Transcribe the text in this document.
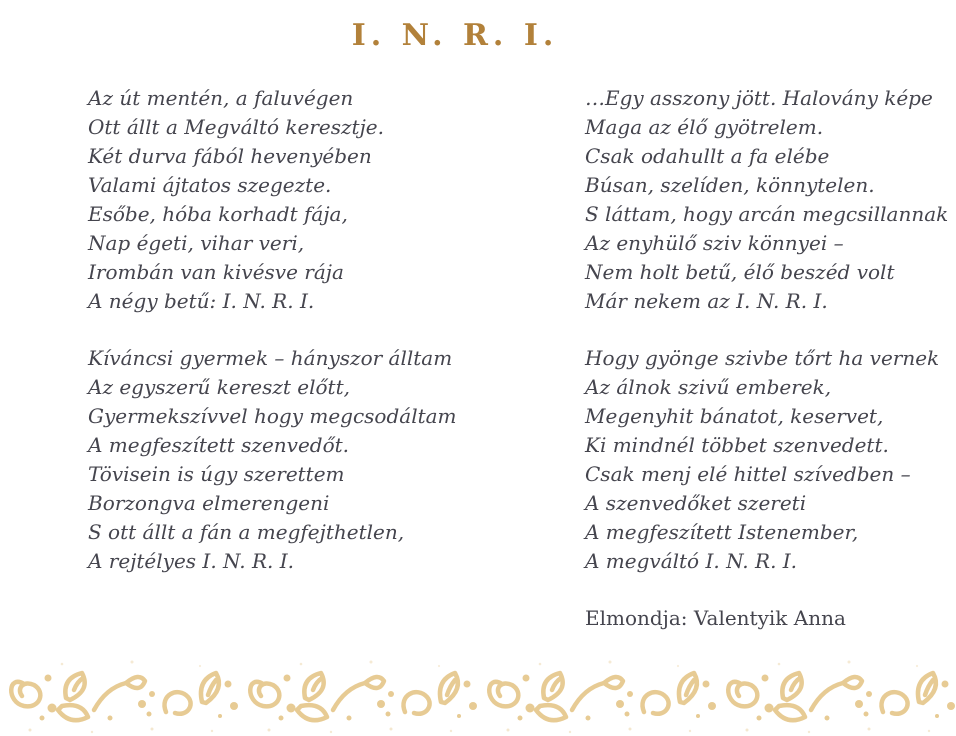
I. N. R. I.

Az út mentén, a faluvégen

Ott állt a Megváltó keresztje.

Két durva fából hevenyében

Valami ájtatos szegezte.

Esőbe, hóba korhadt fája,

Nap égeti, vihar veri,

Irombán van kivésve rája

A négy betű: I. N. R. I.

Kíváncsi gyermek – hányszor álltam

Az egyszerű kereszt előtt,

Gyermekszívvel hogy megcsodáltam

A megfeszített szenvedőt.

Tövisein is úgy szerettem

Borzongva elmerengeni

S ott állt a fán a megfejthetlen,

A rejtélyes I. N. R. I.

…Egy asszony jött. Halovány képe

Maga az élő gyötrelem.

Csak odahullt a fa elébe

Búsan, szelíden, könnytelen.

S láttam, hogy arcán megcsillannak

Az enyhülő sziv könnyei –

Nem holt betű, élő beszéd volt

Már nekem az I. N. R. I.

Hogy gyönge szivbe tőrt ha vernek

Az álnok szivű emberek,

Megenyhit bánatot, keservet,

Ki mindnél többet szenvedett.

Csak menj elé hittel szívedben –

A szenvedőket szereti

A megfeszített Istenember,

A megváltó I. N. R. I.

Elmondja: Valentyik Anna
